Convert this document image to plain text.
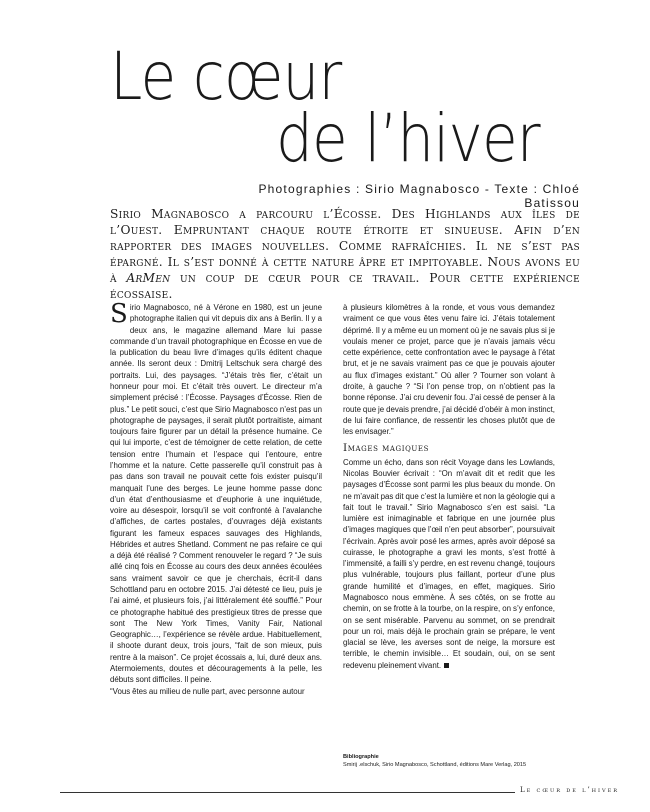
Le cœur
de l’hiver

Photographies : Sirio Magnabosco - Texte : Chloé Batissou

Sirio Magnabosco a parcouru l’Écosse. Des Highlands aux îles de l’Ouest. Empruntant chaque route étroite et sinueuse. Afin d’en rapporter des images nouvelles. Comme rafraîchies. Il ne s’est pas épargné. Il s’est donné à cette nature âpre et impitoyable. Nous avons eu à ArMen un coup de cœur pour ce travail. Pour cette expérience écossaise.

Sirio Magnabosco, né à Vérone en 1980, est un jeune photographe italien qui vit depuis dix ans à Berlin. Il y a deux ans, le magazine allemand Mare lui passe commande d’un travail photographique en Écosse en vue de la publication du beau livre d’images qu’ils éditent chaque année. Ils seront deux : Dmitrij Leltschuk sera chargé des portraits. Lui, des paysages. “J’étais très fier, c’était un honneur pour moi. Et c’était très ouvert. Le directeur m’a simplement précisé : l’Écosse. Paysages d’Écosse. Rien de plus.” Le petit souci, c’est que Sirio Magnabosco n’est pas un photographe de paysages, il serait plutôt portraitiste, aimant toujours faire figurer par un détail la présence humaine. Ce qui lui importe, c’est de témoigner de cette relation, de cette tension entre l’humain et l’espace qui l’entoure, entre l’homme et la nature. Cette passerelle qu’il construit pas à pas dans son travail ne pouvait cette fois exister puisqu’il manquait l’une des berges. Le jeune homme passe donc d’un état d’enthousiasme et d’euphorie à une inquiétude, voire au désespoir, lorsqu’il se voit confronté à l’avalanche d’affiches, de cartes postales, d’ouvrages déjà existants figurant les fameux espaces sauvages des Highlands, Hébrides et autres Shetland. Comment ne pas refaire ce qui a déjà été réalisé ? Comment renouveler le regard ? “Je suis allé cinq fois en Écosse au cours des deux années écoulées sans vraiment savoir ce que je cherchais, écrit-il dans Schottland paru en octobre 2015. J’ai détesté ce lieu, puis je l’ai aimé, et plusieurs fois, j’ai littéralement été soufflé.” Pour ce photographe habitué des prestigieux titres de presse que sont The New York Times, Vanity Fair, National Geographic…, l’expérience se révèle ardue. Habituellement, il shoote durant deux, trois jours, “fait de son mieux, puis rentre à la maison”. Ce projet écossais a, lui, duré deux ans. Atermoiements, doutes et découragements à la pelle, les débuts sont difficiles. Il peine.

“Vous êtes au milieu de nulle part, avec personne autour

à plusieurs kilomètres à la ronde, et vous vous demandez vraiment ce que vous êtes venu faire ici. J’étais totalement déprimé. Il y a même eu un moment où je ne savais plus si je voulais mener ce projet, parce que je n’avais jamais vécu cette expérience, cette confrontation avec le paysage à l’état brut, et je ne savais vraiment pas ce que je pouvais ajouter au flux d’images existant.” Où aller ? Tourner son volant à droite, à gauche ? “Si l’on pense trop, on n’obtient pas la bonne réponse. J’ai cru devenir fou. J’ai cessé de penser à la route que je devais prendre, j’ai décidé d’obéir à mon instinct, de lui faire confiance, de ressentir les choses plutôt que de les envisager.”

Images magiques

Comme un écho, dans son récit Voyage dans les Lowlands, Nicolas Bouvier écrivait : “On m’avait dit et redit que les paysages d’Écosse sont parmi les plus beaux du monde. On ne m’avait pas dit que c’est la lumière et non la géologie qui a fait tout le travail.” Sirio Magnabosco s’en est saisi. “La lumière est inimaginable et fabrique en une journée plus d’images magiques que l’œil n’en peut absorber”, poursuivait l’écrivain. Après avoir posé les armes, après avoir déposé sa cuirasse, le photographe a gravi les monts, s’est frotté à l’immensité, a failli s’y perdre, en est revenu changé, toujours plus vulnérable, toujours plus faillant, porteur d’une plus grande humilité et d’images, en effet, magiques. Sirio Magnabosco nous emmène. À ses côtés, on se frotte au chemin, on se frotte à la tourbe, on la respire, on s’y enfonce, on se sent misérable. Parvenu au sommet, on se prendrait pour un roi, mais déjà le prochain grain se prépare, le vent glacial se lève, les averses sont de neige, la morsure est terrible, le chemin invisible… Et soudain, oui, on se sent redevenu pleinement vivant.

Bibliographie
Smirij .elschuk, Sirio Magnabosco, Schottland, éditions Mare Verlag, 2015
Le cœur de l’hiver
